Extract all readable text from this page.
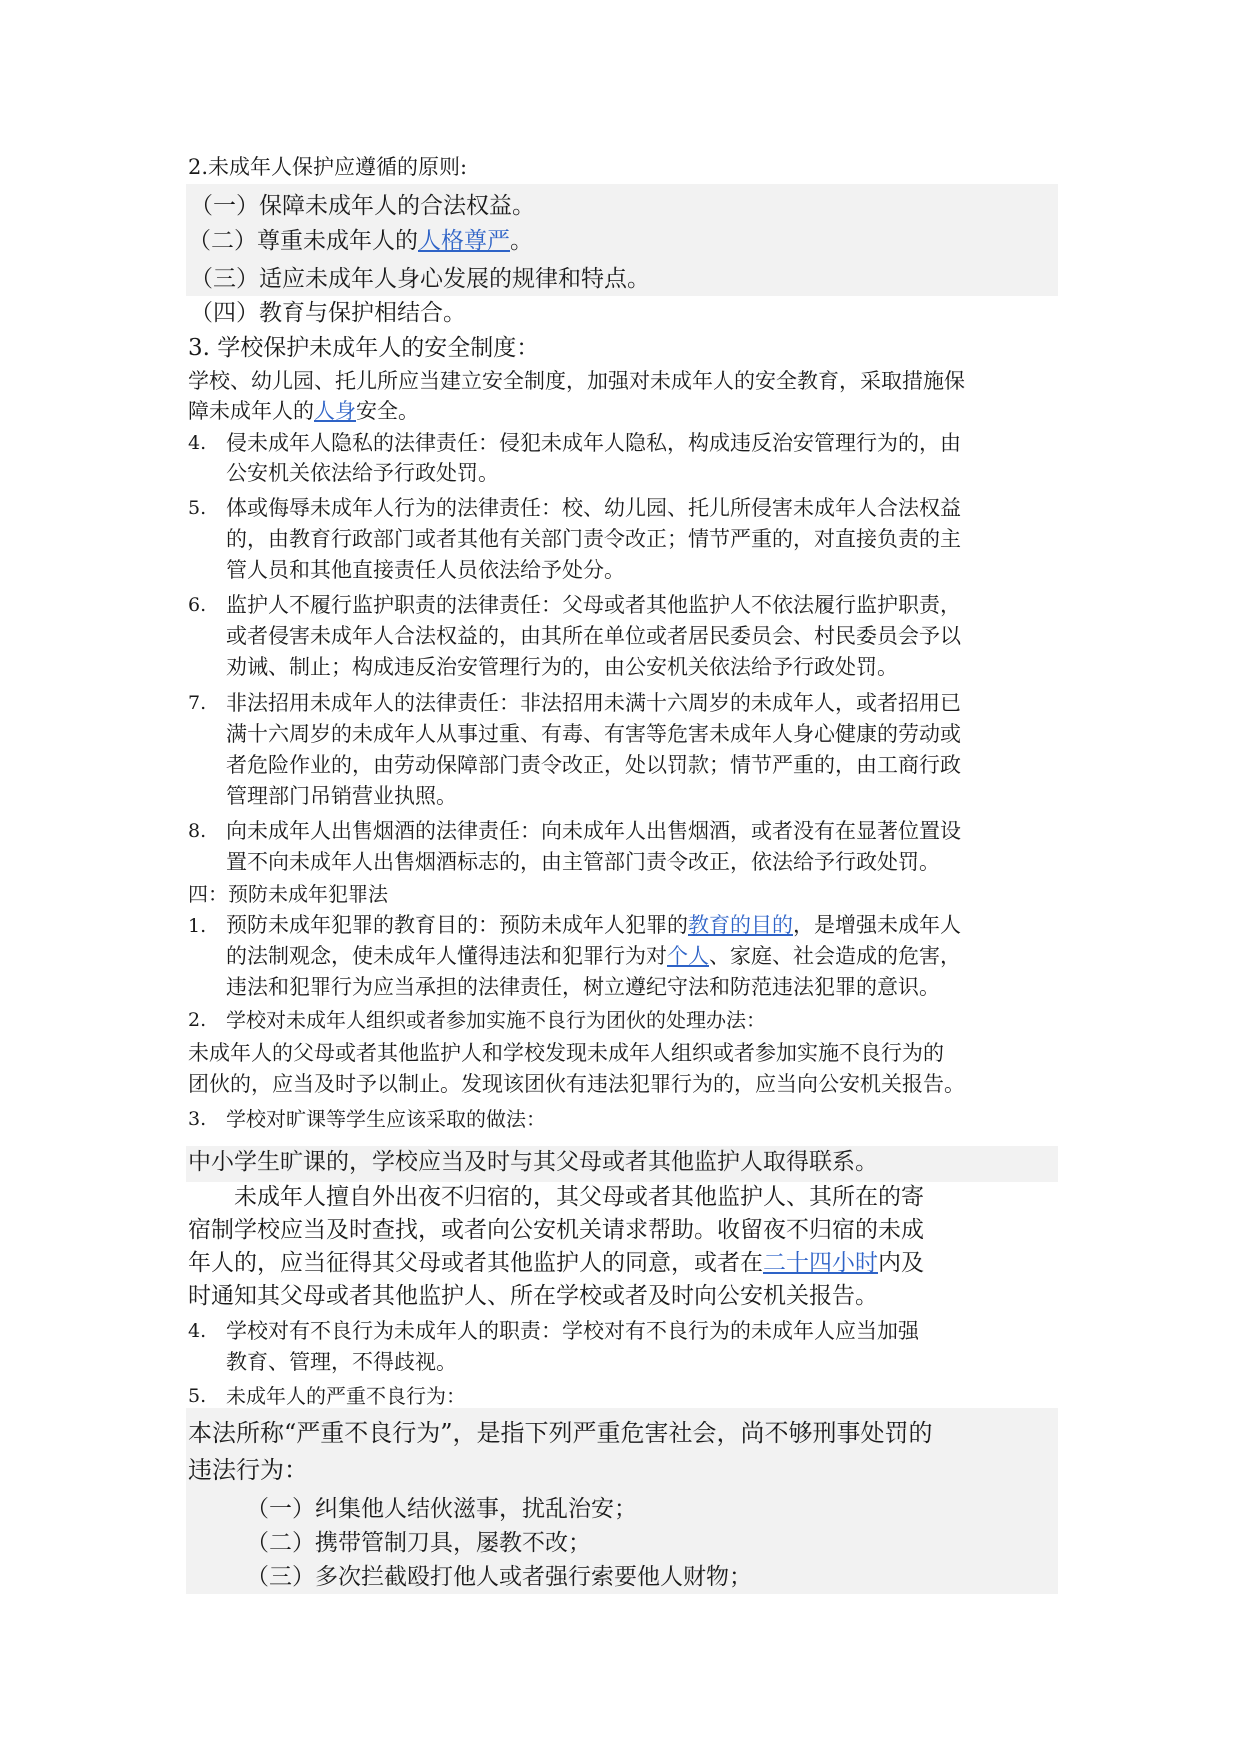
2.未成年人保护应遵循的原则:
（一）保障未成年人的合法权益。
（二）尊重未成年人的人格尊严。
（三）适应未成年人身心发展的规律和特点。
（四）教育与保护相结合。
3. 学校保护未成年人的安全制度：
学校、幼儿园、托儿所应当建立安全制度，加强对未成年人的安全教育，采取措施保
障未成年人的人身安全。
4. 侵未成年人隐私的法律责任：侵犯未成年人隐私，构成违反治安管理行为的，由
公安机关依法给予行政处罚。
5. 体或侮辱未成年人行为的法律责任：校、幼儿园、托儿所侵害未成年人合法权益
的，由教育行政部门或者其他有关部门责令改正；情节严重的，对直接负责的主
管人员和其他直接责任人员依法给予处分。
6. 监护人不履行监护职责的法律责任：父母或者其他监护人不依法履行监护职责，
或者侵害未成年人合法权益的，由其所在单位或者居民委员会、村民委员会予以
劝诫、制止；构成违反治安管理行为的，由公安机关依法给予行政处罚。
7. 非法招用未成年人的法律责任：非法招用未满十六周岁的未成年人，或者招用已
满十六周岁的未成年人从事过重、有毒、有害等危害未成年人身心健康的劳动或
者危险作业的，由劳动保障部门责令改正，处以罚款；情节严重的，由工商行政
管理部门吊销营业执照。
8. 向未成年人出售烟酒的法律责任：向未成年人出售烟酒，或者没有在显著位置设
置不向未成年人出售烟酒标志的，由主管部门责令改正，依法给予行政处罚。
四：预防未成年犯罪法
1. 预防未成年犯罪的教育目的：预防未成年人犯罪的教育的目的，是增强未成年人
的法制观念，使未成年人懂得违法和犯罪行为对个人、家庭、社会造成的危害，
违法和犯罪行为应当承担的法律责任，树立遵纪守法和防范违法犯罪的意识。
2. 学校对未成年人组织或者参加实施不良行为团伙的处理办法：
未成年人的父母或者其他监护人和学校发现未成年人组织或者参加实施不良行为的
团伙的，应当及时予以制止。发现该团伙有违法犯罪行为的，应当向公安机关报告。
3. 学校对旷课等学生应该采取的做法：
中小学生旷课的，学校应当及时与其父母或者其他监护人取得联系。
　　未成年人擅自外出夜不归宿的，其父母或者其他监护人、其所在的寄
宿制学校应当及时查找，或者向公安机关请求帮助。收留夜不归宿的未成
年人的，应当征得其父母或者其他监护人的同意，或者在二十四小时内及
时通知其父母或者其他监护人、所在学校或者及时向公安机关报告。
4. 学校对有不良行为未成年人的职责：学校对有不良行为的未成年人应当加强
教育、管理，不得歧视。
5. 未成年人的严重不良行为：
本法所称“严重不良行为”，是指下列严重危害社会，尚不够刑事处罚的
违法行为：
（一）纠集他人结伙滋事，扰乱治安；
（二）携带管制刀具，屡教不改；
（三）多次拦截殴打他人或者强行索要他人财物；
